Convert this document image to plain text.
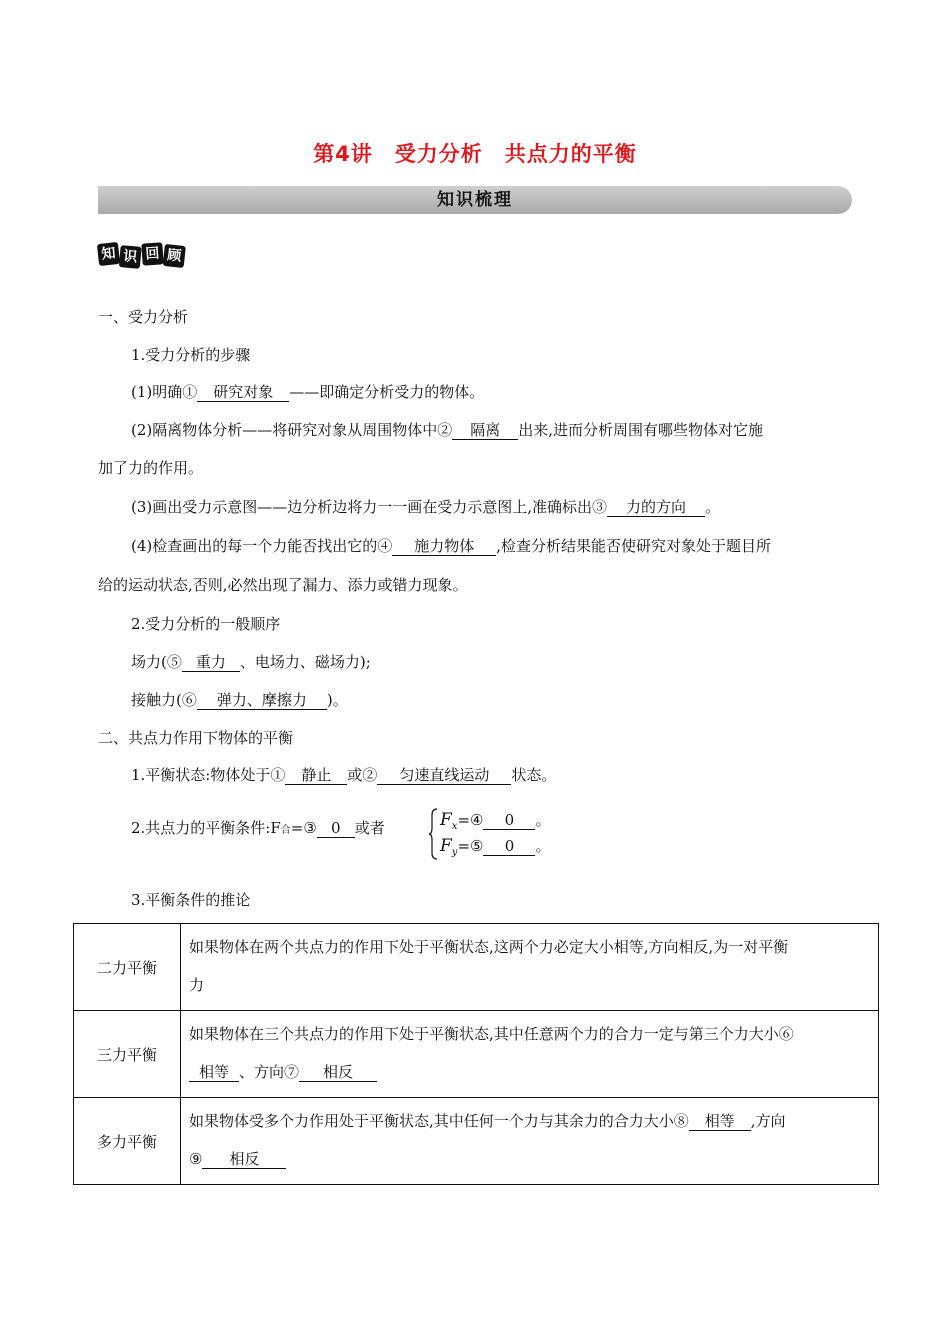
第4讲　受力分析　共点力的平衡
知识梳理
知 识 回 顾
一、受力分析
1.受力分析的步骤
(1)明确① 研究对象 ——即确定分析受力的物体。
(2)隔离物体分析——将研究对象从周围物体中② 隔离 出来,进而分析周围有哪些物体对它施
加了力的作用。
(3)画出受力示意图——边分析边将力一一画在受力示意图上,准确标出③ 力的方向 。
(4)检查画出的每一个力能否找出它的④ 施力物体 ,检查分析结果能否使研究对象处于题目所
给的运动状态,否则,必然出现了漏力、添力或错力现象。
2.受力分析的一般顺序
场力(⑤ 重力 、电场力、磁场力);
接触力(⑥ 弹力、摩擦力 )。
二、共点力作用下物体的平衡
1.平衡状态:物体处于① 静止 或② 匀速直线运动 状态。
2.共点力的平衡条件:F合=③ 0 或者	$F_x=④$ 0 。
$F_y=⑤$ 0 。
3.平衡条件的推论
二力平衡	如果物体在两个共点力的作用下处于平衡状态,这两个力必定大小相等,方向相反,为一对平衡
力

三力平衡	如果物体在三个共点力的作用下处于平衡状态,其中任意两个力的合力一定与第三个力大小⑥
相等 、方向⑦ 相反

多力平衡	如果物体受多个力作用处于平衡状态,其中任何一个力与其余力的合力大小⑧ 相等 ,方向
⑨ 相反
